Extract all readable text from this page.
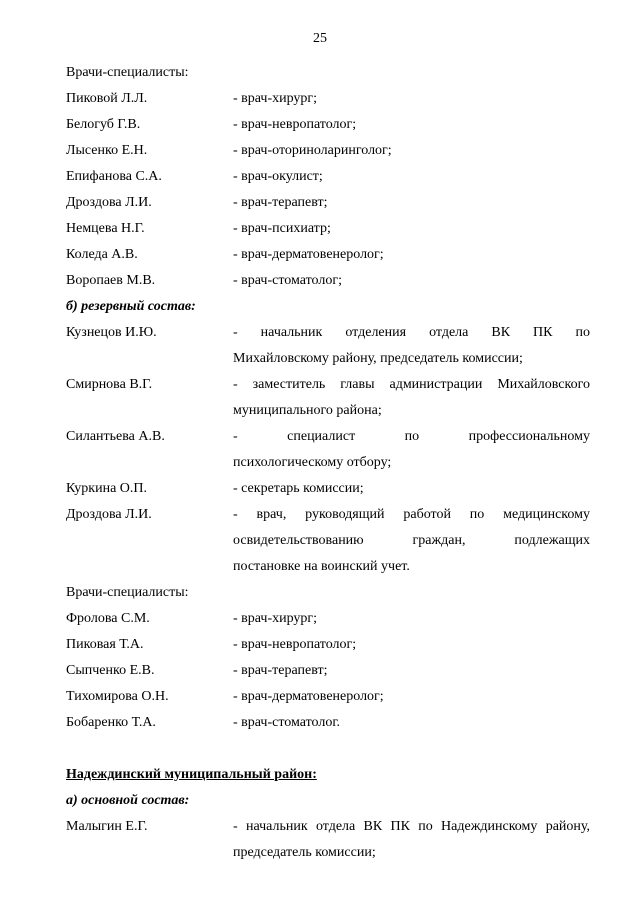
25
Врачи-специалисты:
Пиковой Л.Л.	- врач-хирург;
Белогуб Г.В.	- врач-невропатолог;
Лысенко Е.Н.	- врач-оториноларинголог;
Епифанова С.А.	- врач-окулист;
Дроздова Л.И.	- врач-терапевт;
Немцева Н.Г.	- врач-психиатр;
Коледа А.В.	- врач-дерматовенеролог;
Воропаев М.В.	- врач-стоматолог;
б) резервный состав:
Кузнецов И.Ю.	- начальник отделения отдела ВК ПК по
Михайловскому району, председатель комиссии;
Смирнова В.Г.	- заместитель главы администрации Михайловского
муниципального района;
Силантьева А.В.	- специалист по профессиональному
психологическому отбору;
Куркина О.П.	- секретарь комиссии;
Дроздова Л.И.	- врач, руководящий работой по медицинскому
освидетельствованию граждан, подлежащих
постановке на воинский учет.
Врачи-специалисты:
Фролова С.М.	- врач-хирург;
Пиковая Т.А.	- врач-невропатолог;
Сыпченко Е.В.	- врач-терапевт;
Тихомирова О.Н.	- врач-дерматовенеролог;
Бобаренко Т.А.	- врач-стоматолог.
Надеждинский муниципальный район:
а) основной состав:
Малыгин Е.Г.	- начальник отдела ВК ПК по Надеждинскому району,
председатель комиссии;
